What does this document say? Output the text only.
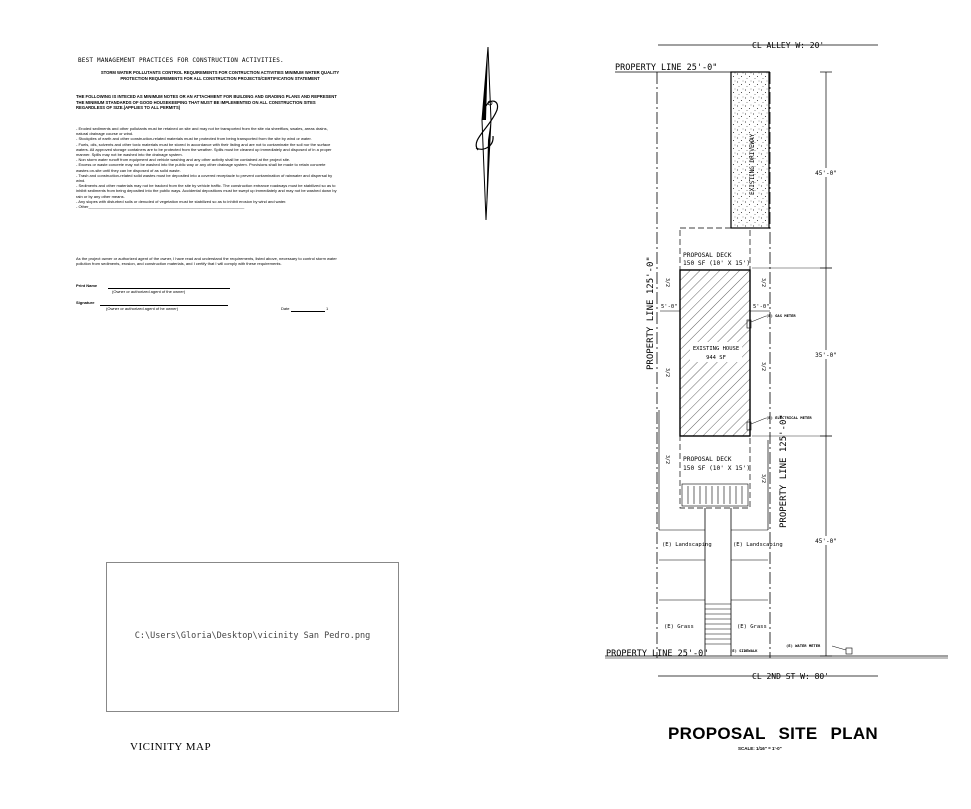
BEST MANAGEMENT PRACTICES FOR CONSTRUCTION ACTIVITIES.
STORM WATER POLLUTANTS CONTROL REQUIREMENTS FOR CONTRUCTION ACTIVITIES MINIMUM WATER QUALITY PROTECTION REQUIREMENTS FOR ALL CONSTRUCTION PROJECTS/CERTIFICATION STATEMENT
THE FOLLOWING IS INTECED AS MINIMUM NOTES OR AN ATTACHMENT FOR BUILDING AND GRADING PLANS AND REPRESENT THE MINIMUM STANDARDS OF GOOD HOUSEKEEPING THAT MUST BE IMPLEMENTED ON ALL CONSTRUCTION SITES REGARDLESS OF SIZE.(APPLIES TO ALL PERMITS)
- Eroded sediments and other pollutants must be retained on site and may not be transported from the site via sheetflow, swales, areas drains, natural drainage course or wind.
- Stockpiles of earth and other construction-related materials must be protected from being transported from the site by wind or water.
- Fuels, oils, solvents and other toxic materials must be stored in accordance with their listing and are not to contaminate the soil nor the surface waters. All approved storage containers are to be protected from the weather. Spills must be cleaned up immediately and disposed of in a proper manner. Spills may not be washed into the drainage system.
- Non storm water runoff from equipment and vehicle washing and any other activity shall be contained at the project site.
- Excess or waste concrete may not be washed into the public way or any other drainage system. Provisions shall be made to retain concrete wastes on-site until they can be disposed of as solid waste.
- Trash and construction-related solid wastes must be deposited into a covered receptacle to prevent contamination of rainwater and dispersal by wind.
- Sediments and other materials may not be tracked from the site by vehicle traffic. The construction entrance roadways must be stabilized so as to inhibit sediments from being deposited into the public ways. Accidental depositions must be swept up immediately and may not be washed down by rain or by any other means.
- Any slopes with disturbed soils or denuded of vegetation must be stabilized so as to inhibit erosion by wind and water.
- Other______________________________________________________________________
As the project owner or authorized agent of the owner, I have read and understand the requirements, listed above, necessary to control storm water pollution from sediments, erosion, and construction materials, and I certify that I will comply with these requirements.
Print Name
(Owner or authorized agent of the owner)
Signature
(Owner or authorized agent of he owner)	Date	1
C:\Users\Gloria\Desktop\vicinity San Pedro.png
VICINITY MAP
CL ALLEY W: 20'
CL 2ND ST W: 80'
PROPERTY LINE 25'-0"
PROPERTY LINE 25'-0"
PROPERTY LINE 125'-0"
PROPERTY LINE 125'-0"
EXISTING DRIVEWAY
PROPOSAL DECK
150 SF (10' X 15')
EXISTING HOUSE
944 SF
PROPOSAL DECK
150 SF (10' X 15')
(E) Landscaping	(E) Landscaping
(E) Grass	(E) Grass
5'-0"	5'-0"
3/2	3/2
3/2
3/2
3/2
3/2
(E) GAS METER
(E) ELECTRICAL METER
(E) WATER METER
(E) SIDEWALK
45'-0"
35'-0"
45'-0"
PROPOSAL SITE PLAN
SCALE: 1/16" = 1'-0"
